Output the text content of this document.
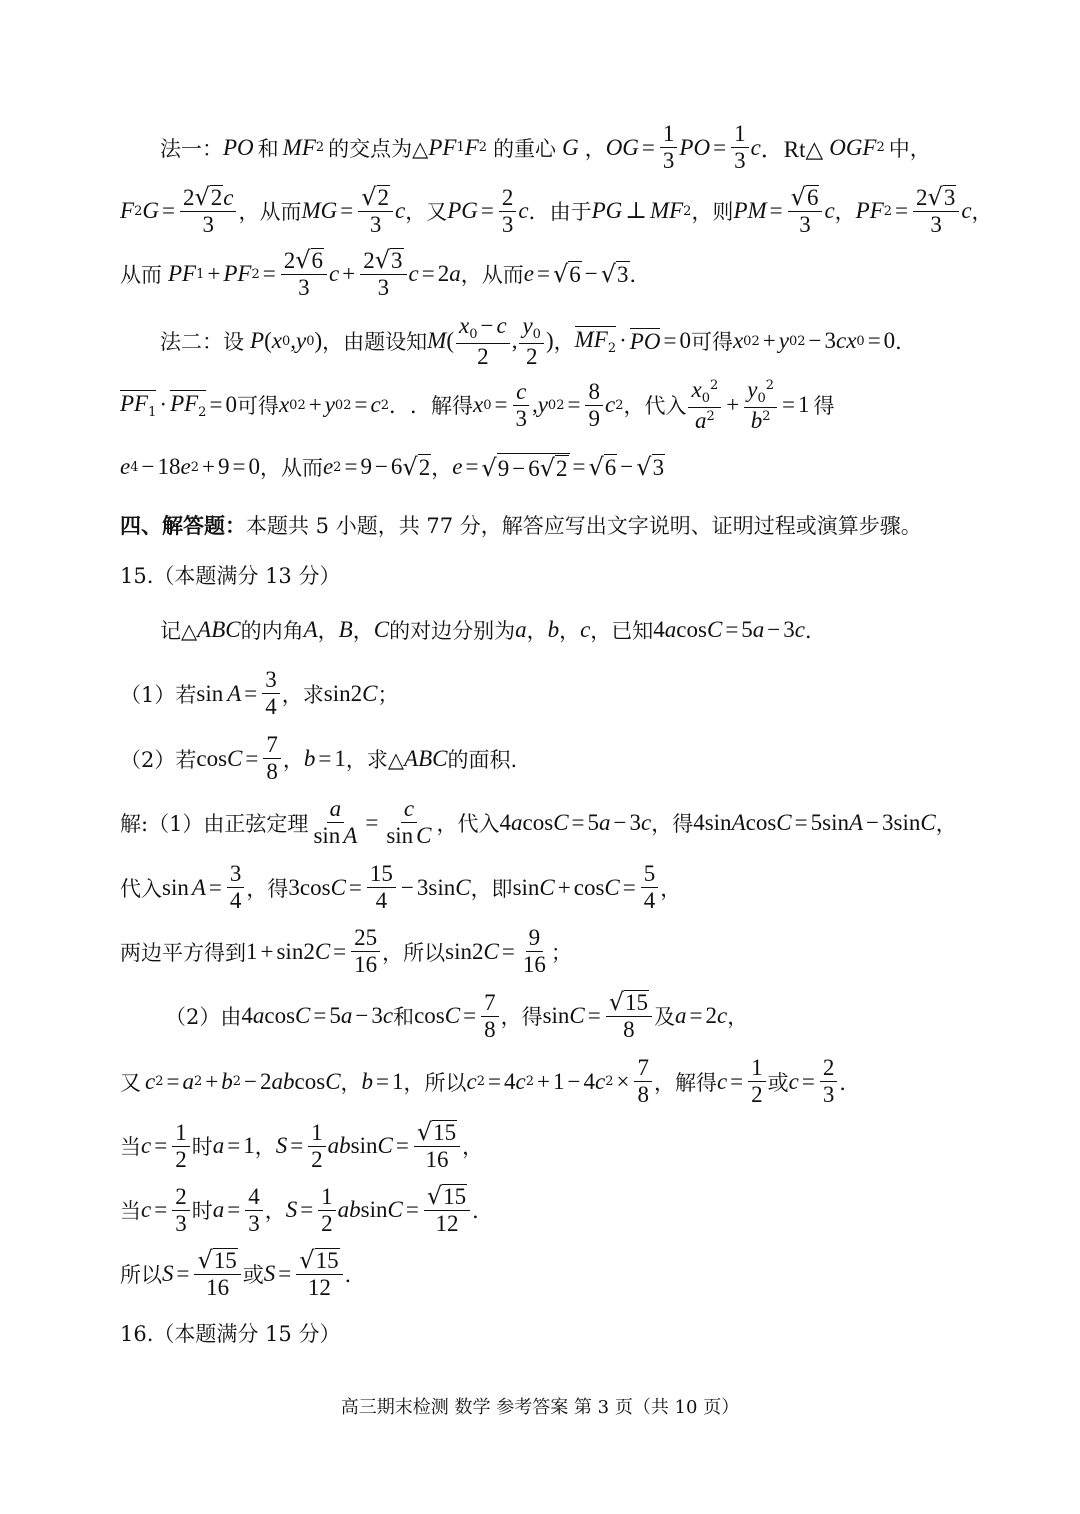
法一： PO 和 MF 2 的交点为△ PF 1 F 2 的重心 G ， OG = $\frac{1}{3}$ PO = $\frac{1}{3}$ c ．Rt△ OGF 2 中，
F 2 $G = \frac{2 √ 2 c}{3}$ ，从而 MG = $\frac{√ 2}{3}$ c ，又 PG = $\frac{2}{3}$ c ．由于 PG ⊥ MF 2 ，则 PM = $\frac{√ 6}{3}$ c ， PF $2 = \frac{2 √ 3}{3}$ c ，
从而 PF 1 + PF $2 = \frac{2 √ 6}{3}$ $c + \frac{2 √ 3}{3}$ c = 2 a ，从而 e = √ 6 − √ 3 ．
法二：设 P ( x 0 , y 0 ) ，由题设知 M ( $\frac{x_0 - c}{2}$ , $\frac{y_0}{2}$ ) ， $MF_2$ · PO = 0 可得 x 0 2 + y 0 2 − 3 cx 0 = 0 ．
$PF_1 \cdot PF_2 = 0$ 可得 x 0 2 + y 0 2 = c 2 ． ．解得 x $0 = \frac{c}{3}$ , y 0 $2 = \frac{8}{9}$ c 2 ，代入 $\frac{x_0^2}{a^2} + \frac{y_0^2}{b^2} = 1$ 得
e 4 − 18 e 2 + 9 = 0 ，从而 e 2 = 9 − 6 √ 2 ， e = √ 9 − 6 √ 2 = √ 6 − √ 3
四、解答题： 本题共 5 小题，共 77 分，解答应写出文字说明、证明过程或演算步骤。
15.（本题满分 13 分）
记△ ABC 的内角 A ， B ， C 的对边分别为 a ， b ， c ，已知 4 a cos C = 5 a − 3 c ．
（1）若 $\sin A = \frac{3}{4}$ ，求 sin2 C ；
（2）若 $\cos C = \frac{7}{8}$ ， b = 1 ，求△ ABC 的面积.
解:（1）由正弦定理 $\frac{a}{\text{sin A}} = \frac{c}{\text{sin C}}$ ，代入 4 a cos C = 5 a − 3 c ，得 4sin A cos C = 5sin A − 3sin C ，
代入 $\sin A = \frac{3}{4}$ ，得 3cos $C = \frac{15}{4} - 3\sin$ C ，即 $\sin C + \cos C = \frac{5}{4}$ ，
两边平方得到 1 + sin2 $C = \frac{25}{16}$ ，所以 sin2 $C = \frac{9}{16}$ ；
（2）由 4 a cos C = 5 a − 3 c 和 $\cos C = \frac{7}{8}$ ，得 $\sin C = \frac{√ 15}{8}$ 及 a = 2 c ，
又 c 2 = a 2 + b 2 − 2 ab cos C ， b = 1 ， 所以 c 2 = 4 c 2 + 1 − 4 c $2 \times \frac{7}{8}$ ，解得 $c = \frac{1}{2}$ 或 $c = \frac{2}{3}$ ．
当 $c = \frac{1}{2}$ 时 a = 1 ， $S = \frac{1}{2}$ ab $\sin C = \frac{√ 15}{16}$ ，
当 $c = \frac{2}{3}$ 时 $a = \frac{4}{3}$ ， $S = \frac{1}{2}$ ab $\sin C = \frac{√ 15}{12}$ ．
所以 $S = \frac{√ 15}{16}$ 或 $S = \frac{√ 15}{12}$ ．
16.（本题满分 15 分）
高三期末检测 数学 参考答案 第 3 页（共 10 页）
